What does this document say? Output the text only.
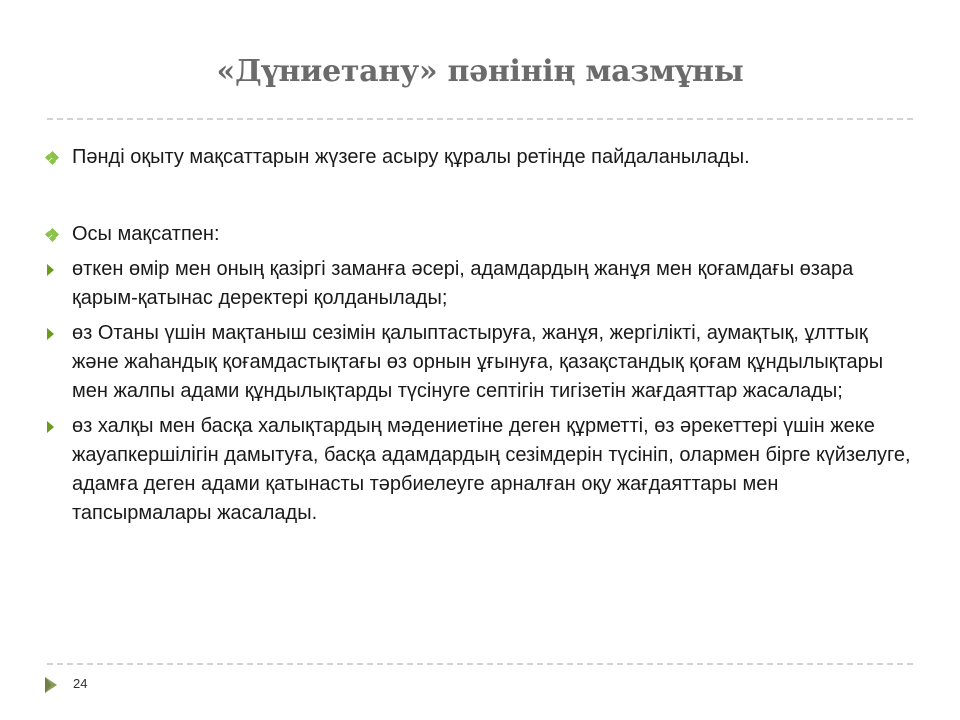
«Дүниетану» пәнінің мазмұны
Пәнді оқыту мақсаттарын жүзеге асыру құралы ретінде пайдаланылады.
Осы мақсатпен:
өткен өмір мен оның қазіргі заманға әсері, адамдардың жанұя мен қоғамдағы өзара қарым-қатынас деректері қолданылады;
өз Отаны үшін мақтаныш сезімін қалыптастыруға, жанұя, жергілікті, аумақтық, ұлттық және жаһандық қоғамдастықтағы өз орнын ұғынуға, қазақстандық қоғам құндылықтары мен жалпы адами құндылықтарды түсінуге септігін тигізетін жағдаяттар жасалады;
өз халқы мен басқа халықтардың мәдениетіне деген құрметті, өз әрекеттері үшін жеке жауапкершілігін дамытуға, басқа адамдардың сезімдерін түсініп, олармен бірге күйзелуге, адамға деген адами қатынасты тәрбиелеуге арналған оқу жағдаяттары мен тапсырмалары жасалады.
24
